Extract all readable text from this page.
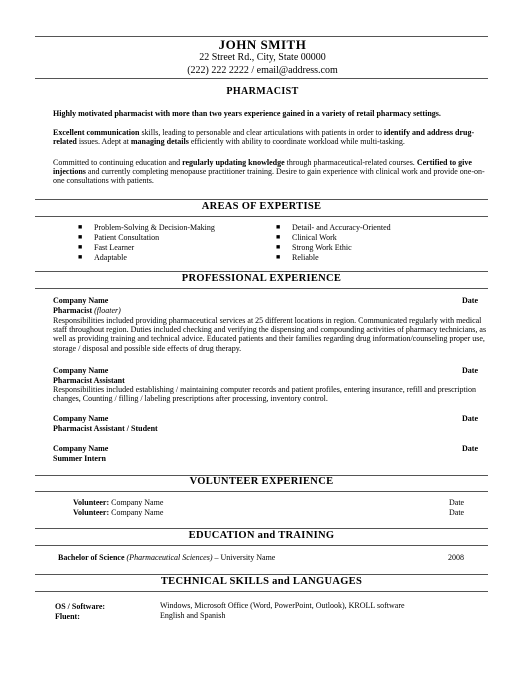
JOHN SMITH
22 Street Rd., City, State 00000
(222) 222 2222 / email@address.com
PHARMACIST
Highly motivated pharmacist with more than two years experience gained in a variety of retail pharmacy settings.
Excellent communication skills, leading to personable and clear articulations with patients in order to identify and address drug-related issues. Adept at managing details efficiently with ability to coordinate workload while multi-tasking.
Committed to continuing education and regularly updating knowledge through pharmaceutical-related courses. Certified to give injections and currently completing menopause practitioner training. Desire to gain experience with clinical work and provide one-on-one consultations with patients.
AREAS OF EXPERTISE
■ Problem-Solving & Decision-Making
■ Patient Consultation
■ Fast Learner
■ Adaptable
■ Detail- and Accuracy-Oriented
■ Clinical Work
■ Strong Work Ethic
■ Reliable
PROFESSIONAL EXPERIENCE
Company Name	Date
Pharmacist (floater)
Responsibilities included providing pharmaceutical services at 25 different locations in region. Communicated regularly with medical staff throughout region. Duties included checking and verifying the dispensing and compounding activities of pharmacy technicians, as well as providing training and technical advice. Educated patients and their families regarding drug information/counseling proper use, storage / disposal and possible side effects of drug therapy.
Company Name	Date
Pharmacist Assistant
Responsibilities included establishing / maintaining computer records and patient profiles, entering insurance, refill and prescription changes, Counting / filling / labeling prescriptions after processing, inventory control.
Company Name	Date
Pharmacist Assistant / Student
Company Name	Date
Summer Intern
VOLUNTEER EXPERIENCE
Volunteer: Company Name	Date
Volunteer: Company Name	Date
EDUCATION and TRAINING
Bachelor of Science (Pharmaceutical Sciences) – University Name	2008
TECHNICAL SKILLS and LANGUAGES
OS / Software:	Windows, Microsoft Office (Word, PowerPoint, Outlook), KROLL software
Fluent:	English and Spanish
